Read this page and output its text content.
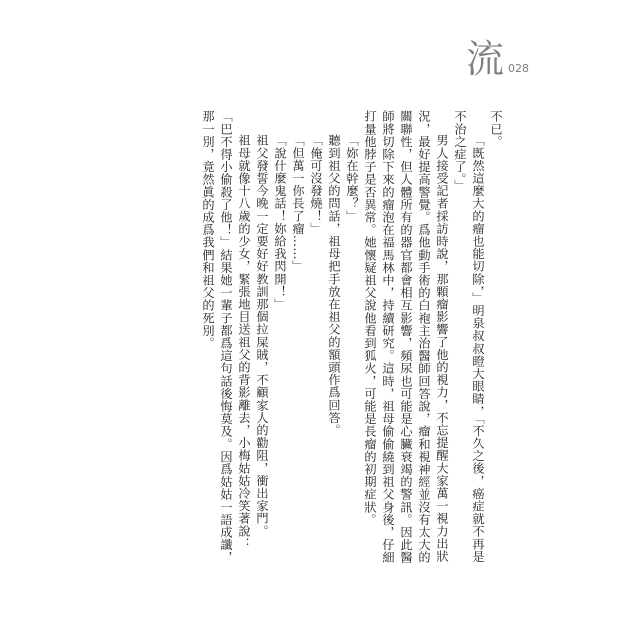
流 028

不已。

「既然這麼大的瘤也能切除，」明泉叔叔瞪大眼睛，「不久之後，癌症就不再是不治之症了。」

男人接受記者採訪時說，那顆瘤影響了他的視力，不忘提醒大家萬一視力出狀況，最好提高警覺。爲他動手術的白袍主治醫師回答說，瘤和視神經並沒有太大的關聯性，但人體所有的器官都會相互影響，頻尿也可能是心臟衰竭的警訊。因此醫師將切除下來的瘤泡在福馬林中，持續研究。這時，祖母偷偷繞到祖父身後，仔細打量他脖子是否異常。她懷疑祖父說他看到狐火，可能是長瘤的初期症狀。

「妳在幹麼？」

聽到祖父的問話，祖母把手放在祖父的額頭作爲回答。

「俺可沒發燒！」

「但萬一你長了瘤……」

「說什麼鬼話！妳給我閃開！」

祖父發誓今晚一定要好好教訓那個拉屎賊，不顧家人的勸阻，衝出家門。

祖母就像十八歲的少女，緊張地目送祖父的背影離去，小梅姑姑冷笑著說：「巴不得小偷殺了他！」結果她一輩子都爲這句話後悔莫及。因爲姑姑一語成讖，那一別，竟然眞的成爲我們和祖父的死別。
